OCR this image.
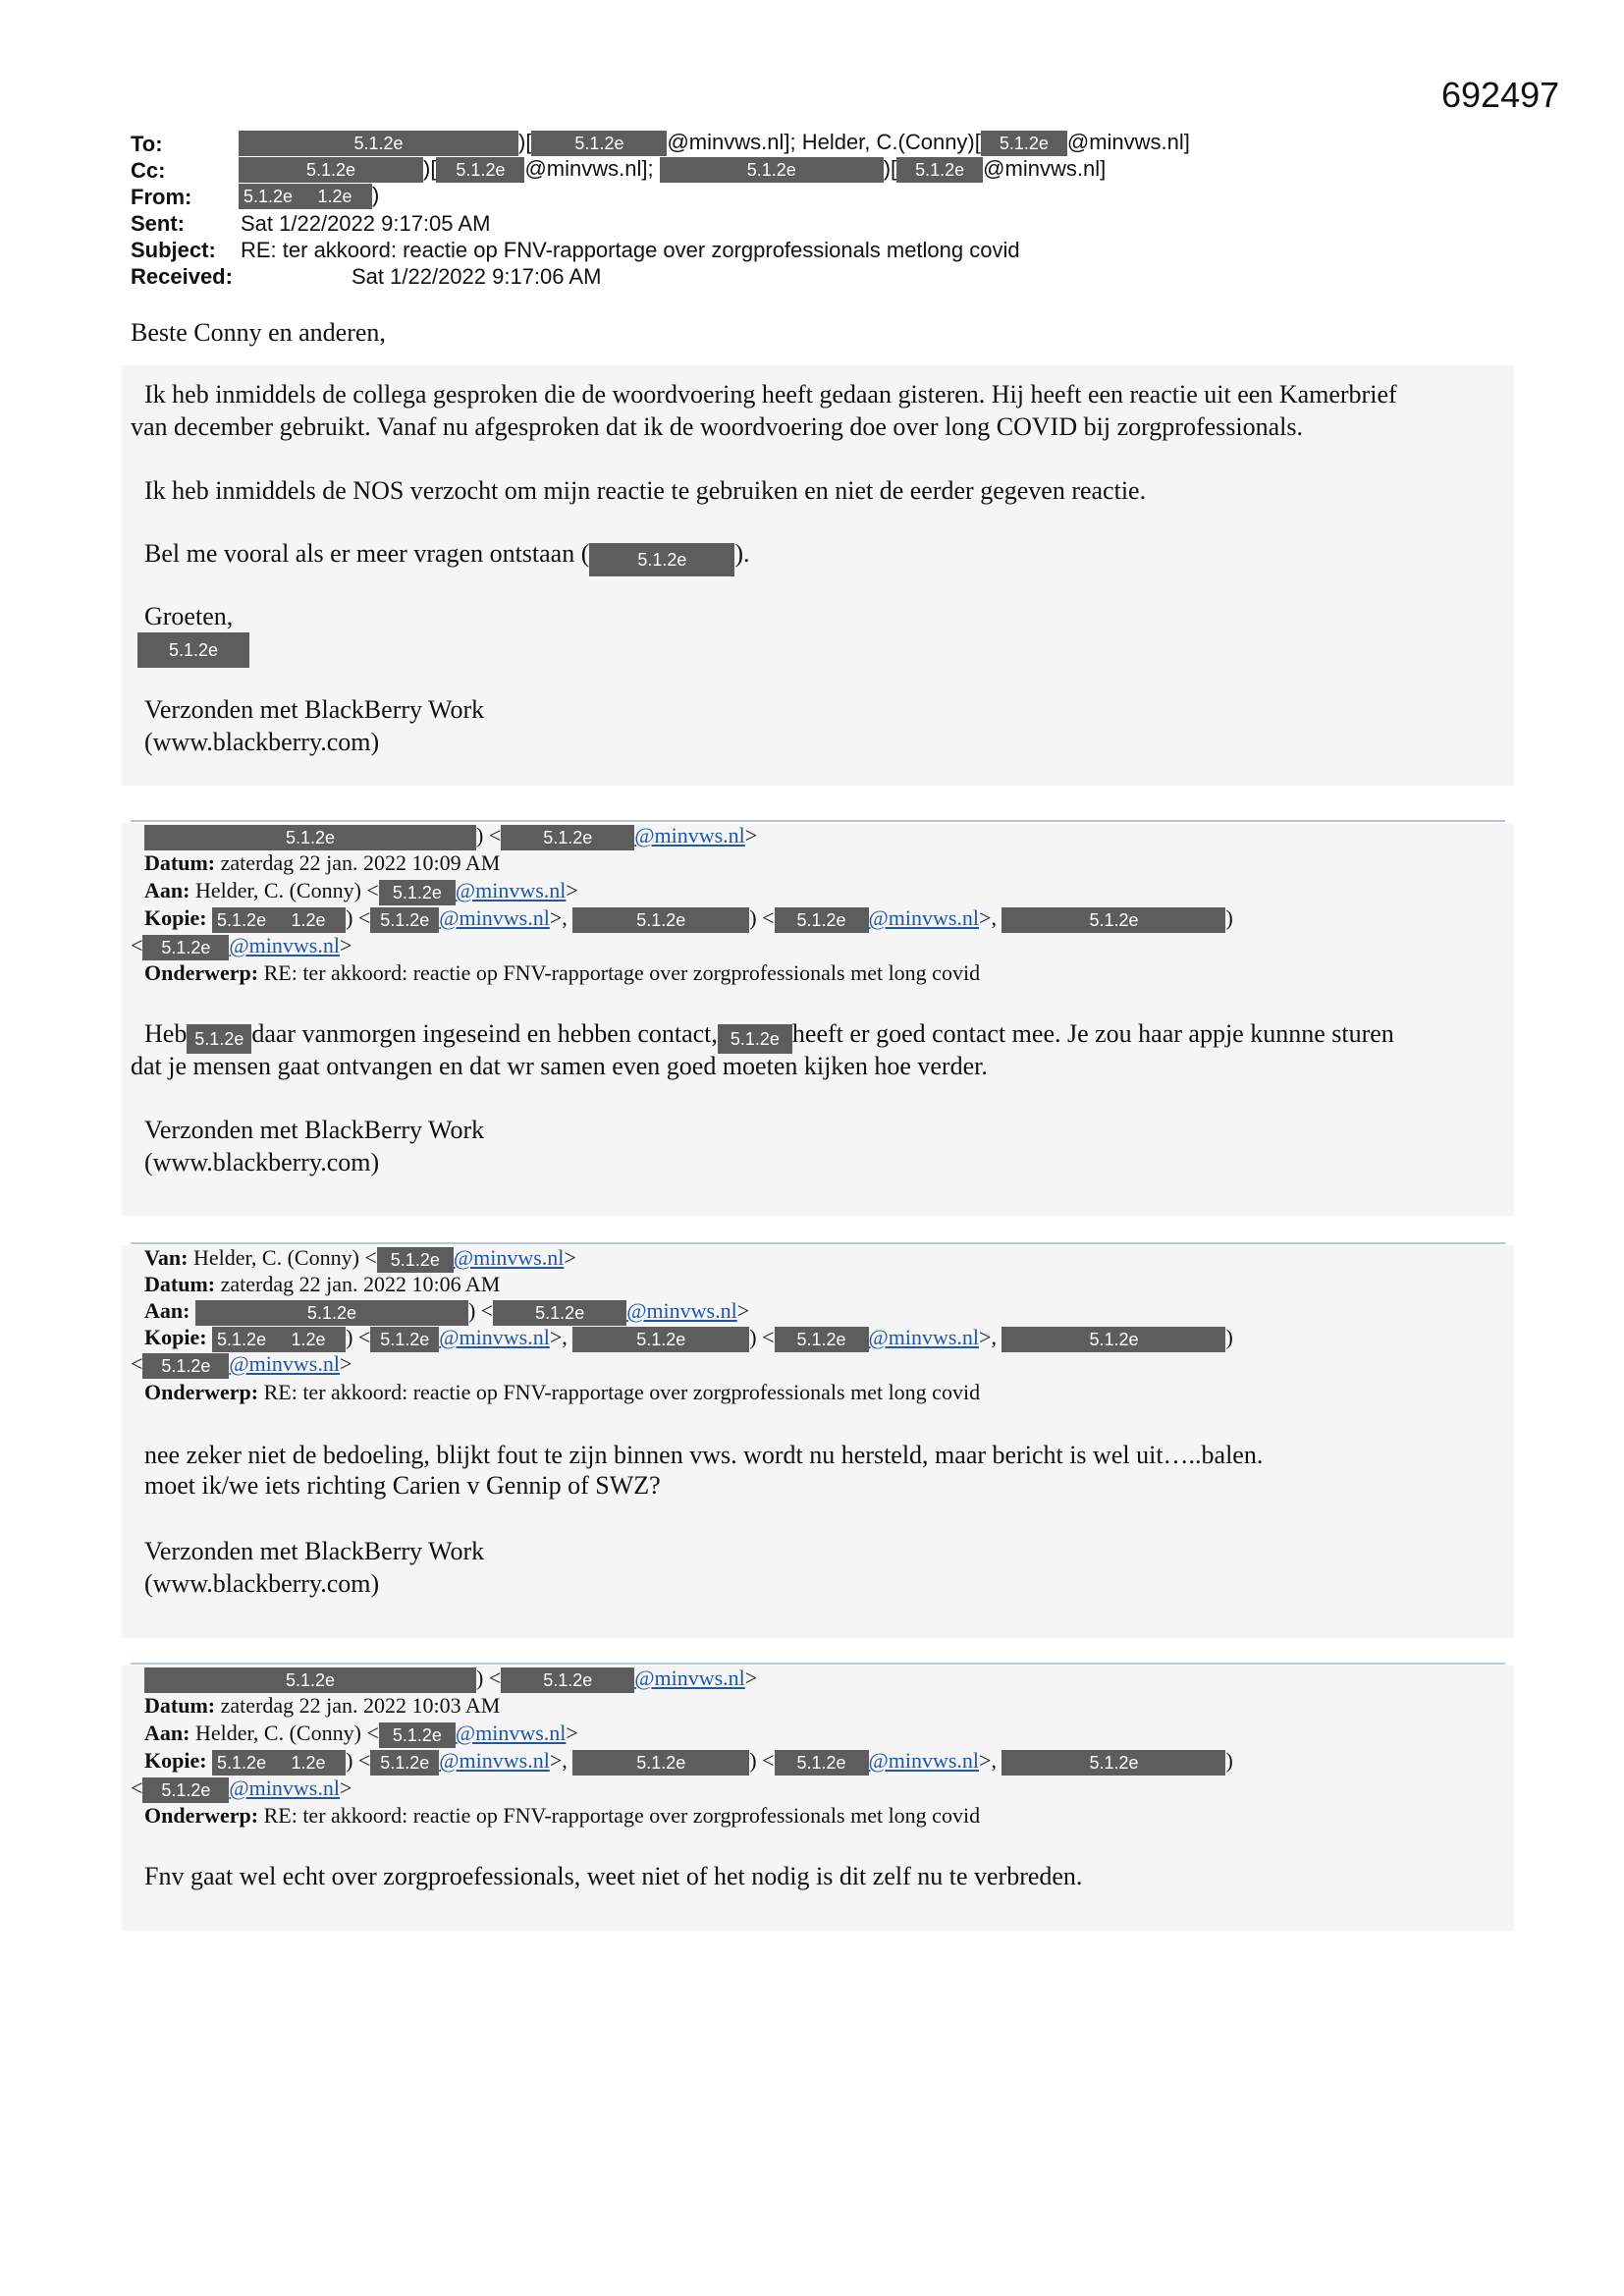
692497
To:	5.1.2e	)[ 5.1.2e @minvws.nl]; Helder, C.(Conny)[ 5.1.2e @minvws.nl]
Cc:	5.1.2e	)[ 5.1.2e @minvws.nl];	5.1.2e	)[ 5.1.2e @minvws.nl]
From:	5.1.2e 1.2e )
Sent:	Sat 1/22/2022 9:17:05 AM
Subject: RE: ter akkoord: reactie op FNV-rapportage over zorgprofessionals metlong covid
Received:	Sat 1/22/2022 9:17:06 AM
Beste Conny en anderen,
Ik heb inmiddels de collega gesproken die de woordvoering heeft gedaan gisteren. Hij heeft een reactie uit een Kamerbrief
van december gebruikt. Vanaf nu afgesproken dat ik de woordvoering doe over long COVID bij zorgprofessionals.
Ik heb inmiddels de NOS verzocht om mijn reactie te gebruiken en niet de eerder gegeven reactie.
Bel me vooral als er meer vragen ontstaan (	5.1.2e ).
Groeten,
5.1.2e
Verzonden met BlackBerry Work
(www.blackberry.com)
5.1.2e	) < 5.1.2e @minvws.nl>
Datum: zaterdag 22 jan. 2022 10:09 AM
Aan: Helder, C. (Conny) < 5.1.2e @minvws.nl>
Kopie: 5.1.2e 1.2e ) < 5.1.2e @minvws.nl>,	5.1.2e	) < 5.1.2e @minvws.nl>,	5.1.2e	)
< 5.1.2e @minvws.nl>
Onderwerp: RE: ter akkoord: reactie op FNV-rapportage over zorgprofessionals met long covid
Heb 5.1.2e daar vanmorgen ingeseind en hebben contact, 5.1.2e heeft er goed contact mee. Je zou haar appje kunnne sturen
dat je mensen gaat ontvangen en dat wr samen even goed moeten kijken hoe verder.
Verzonden met BlackBerry Work
(www.blackberry.com)
Van: Helder, C. (Conny) < 5.1.2e @minvws.nl>
Datum: zaterdag 22 jan. 2022 10:06 AM
Aan:	5.1.2e	) < 5.1.2e @minvws.nl>
Kopie: 5.1.2e 1.2e ) < 5.1.2e @minvws.nl>,	5.1.2e	) < 5.1.2e @minvws.nl>,	5.1.2e	)
< 5.1.2e @minvws.nl>
Onderwerp: RE: ter akkoord: reactie op FNV-rapportage over zorgprofessionals met long covid
nee zeker niet de bedoeling, blijkt fout te zijn binnen vws. wordt nu hersteld, maar bericht is wel uit…..balen.
moet ik/we iets richting Carien v Gennip of SWZ?
Verzonden met BlackBerry Work
(www.blackberry.com)
5.1.2e	) < 5.1.2e @minvws.nl>
Datum: zaterdag 22 jan. 2022 10:03 AM
Aan: Helder, C. (Conny) < 5.1.2e @minvws.nl>
Kopie: 5.1.2e 1.2e ) < 5.1.2e @minvws.nl>,	5.1.2e	) < 5.1.2e @minvws.nl>,	5.1.2e	)
< 5.1.2e @minvws.nl>
Onderwerp: RE: ter akkoord: reactie op FNV-rapportage over zorgprofessionals met long covid
Fnv gaat wel echt over zorgproefessionals, weet niet of het nodig is dit zelf nu te verbreden.
